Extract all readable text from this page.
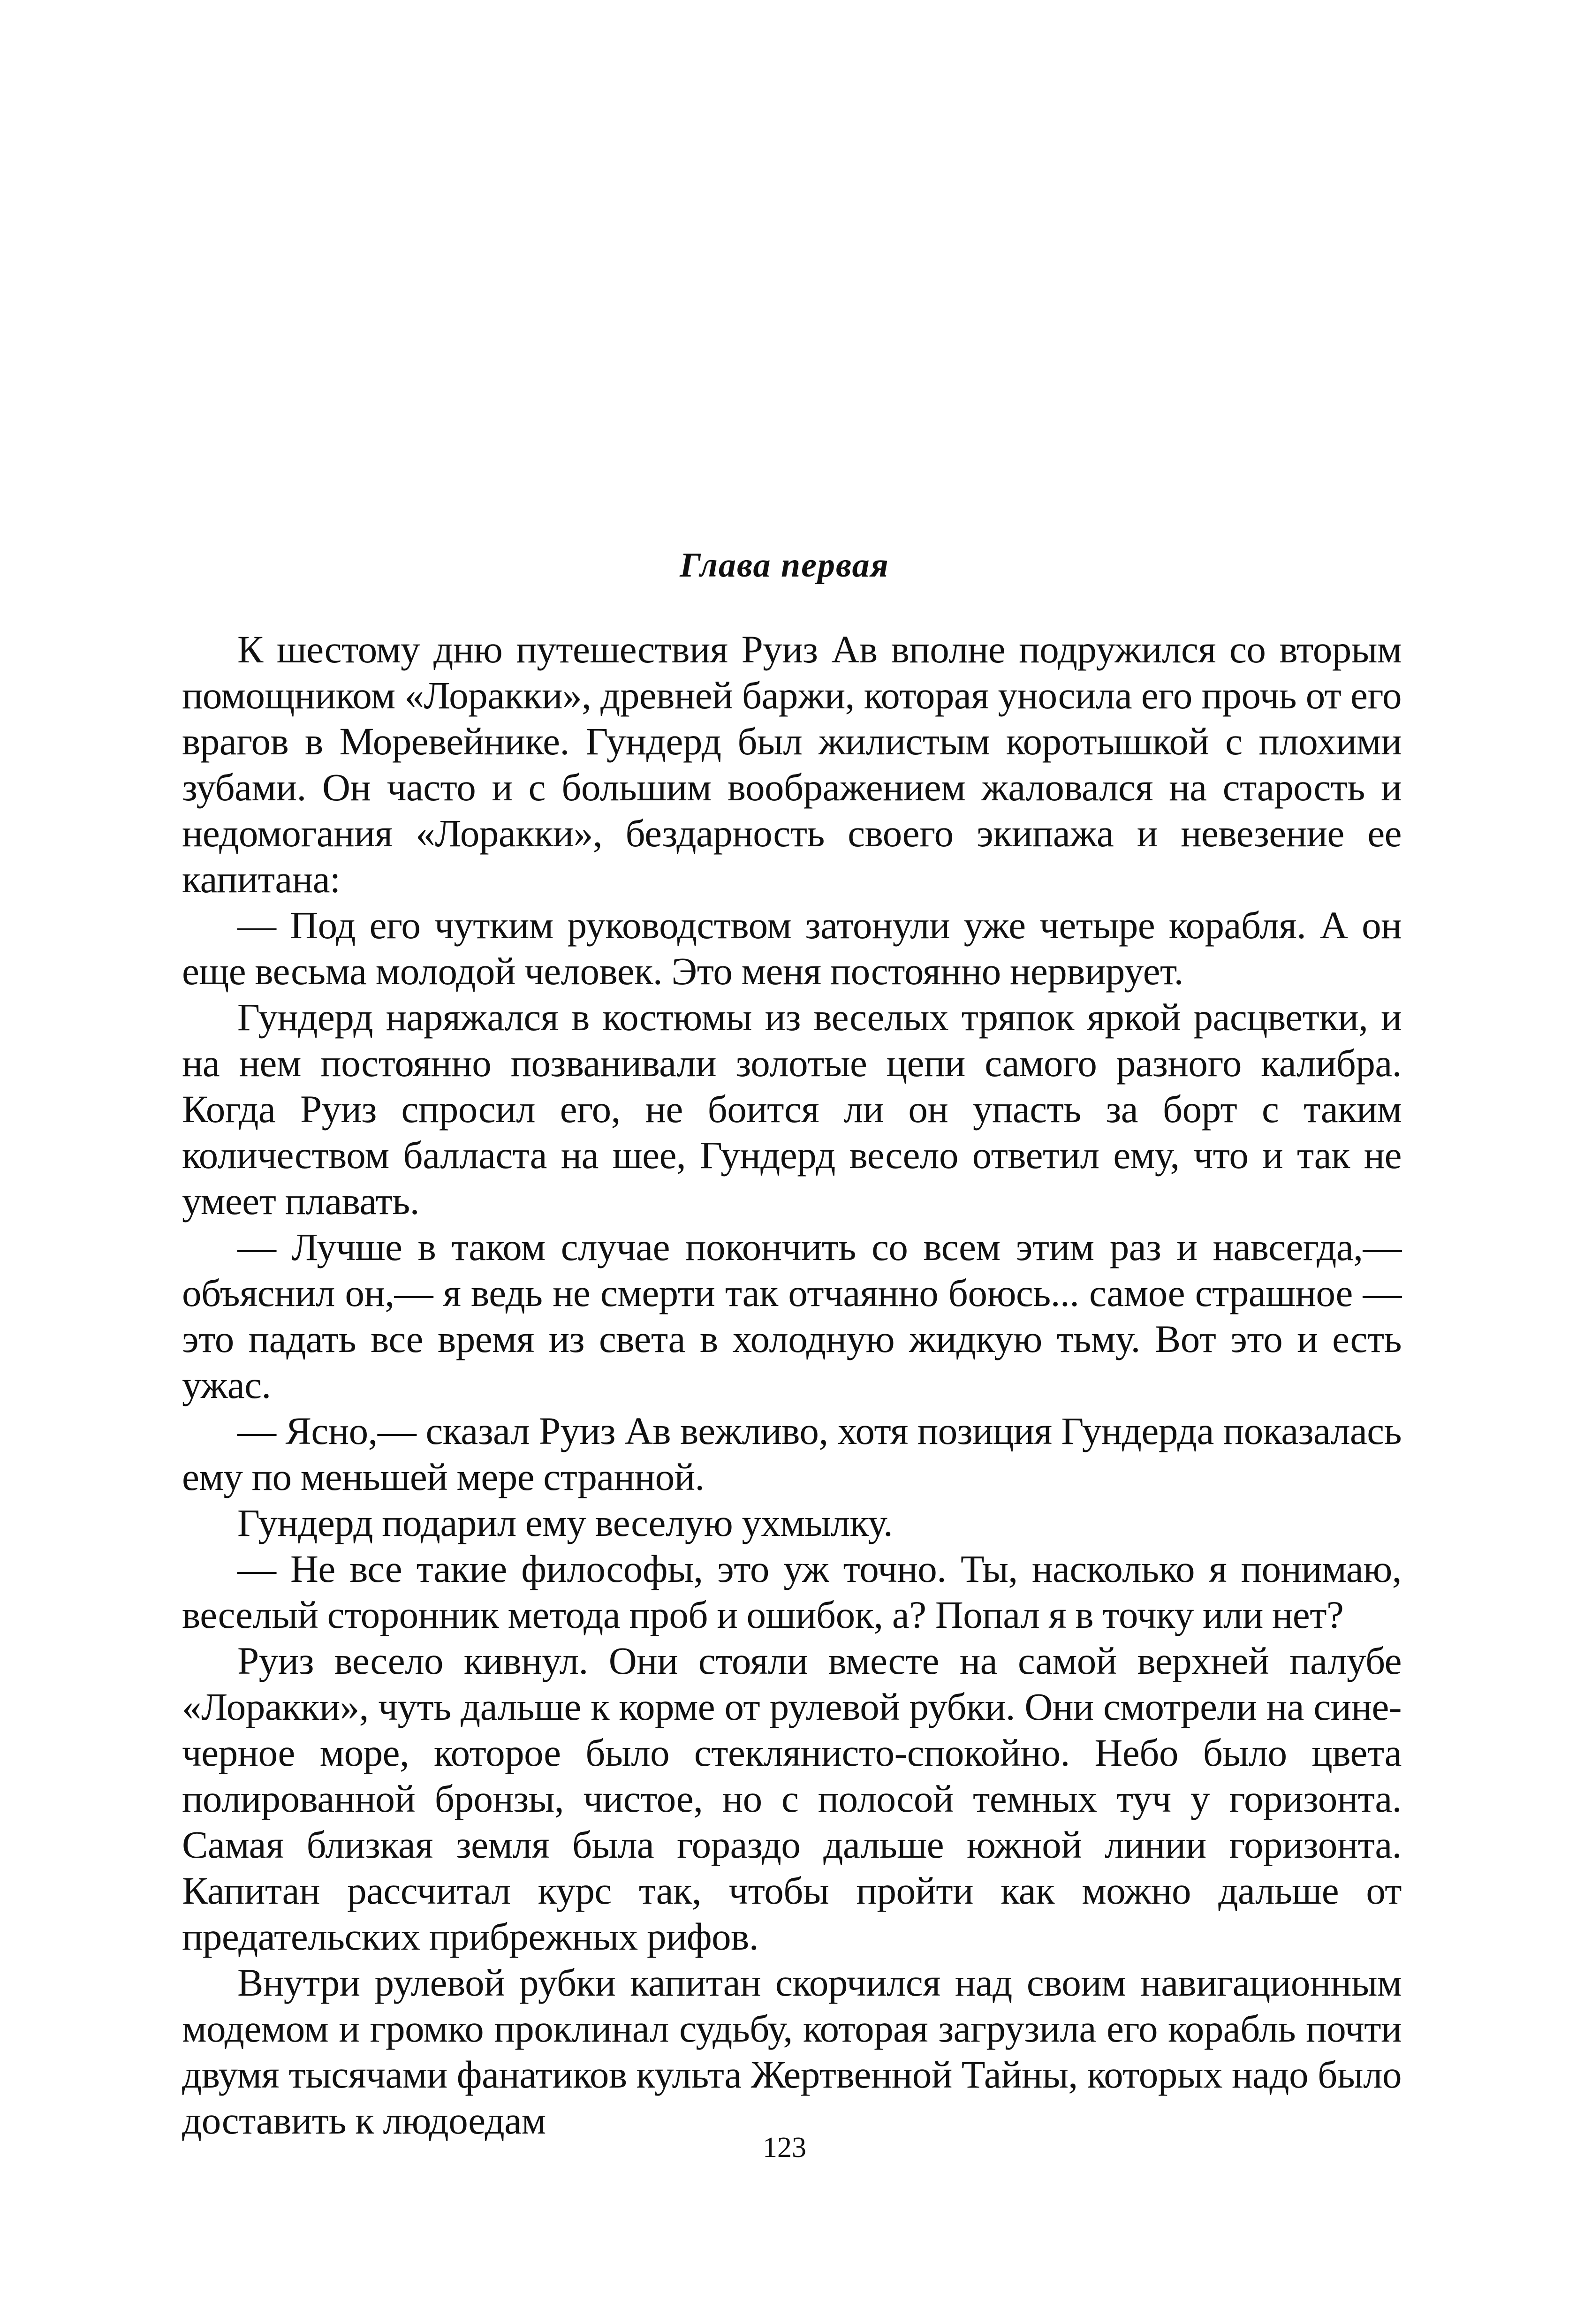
Глава первая

К шестому дню путешествия Руиз Ав вполне подружился со вторым помощником «Лоракки», древней баржи, которая уносила его прочь от его врагов в Моревейнике. Гундерд был жилистым коротышкой с плохими зубами. Он часто и с большим воображением жаловался на старость и недомогания «Лоракки», бездарность своего экипажа и невезение ее капитана:

— Под его чутким руководством затонули уже четыре корабля. А он еще весьма молодой человек. Это меня постоянно нервирует.

Гундерд наряжался в костюмы из веселых тряпок яркой расцветки, и на нем постоянно позванивали золотые цепи самого разного калибра. Когда Руиз спросил его, не боится ли он упасть за борт с таким количеством балласта на шее, Гундерд весело ответил ему, что и так не умеет плавать.

— Лучше в таком случае покончить со всем этим раз и навсегда,— объяснил он,— я ведь не смерти так отчаянно боюсь... самое страшное — это падать все время из света в холодную жидкую тьму. Вот это и есть ужас.

— Ясно,— сказал Руиз Ав вежливо, хотя позиция Гундерда показалась ему по меньшей мере странной.

Гундерд подарил ему веселую ухмылку.

— Не все такие философы, это уж точно. Ты, насколько я понимаю, веселый сторонник метода проб и ошибок, а? Попал я в точку или нет?

Руиз весело кивнул. Они стояли вместе на самой верхней палубе «Лоракки», чуть дальше к корме от рулевой рубки. Они смотрели на сине-черное море, которое было стеклянисто-спокойно. Небо было цвета полированной бронзы, чистое, но с полосой темных туч у горизонта. Самая близкая земля была гораздо дальше южной линии горизонта. Капитан рассчитал курс так, чтобы пройти как можно дальше от предательских прибрежных рифов.

Внутри рулевой рубки капитан скорчился над своим навигационным модемом и громко проклинал судьбу, которая загрузила его корабль почти двумя тысячами фанатиков культа Жертвенной Тайны, которых надо было доставить к людоедам

123
